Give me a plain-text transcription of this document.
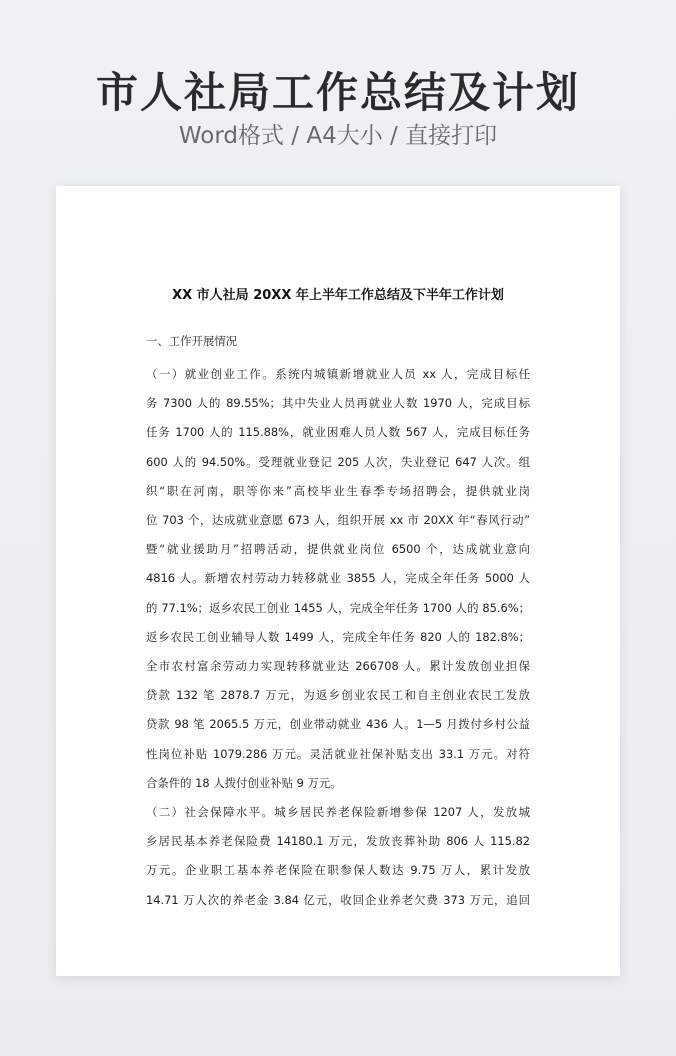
市人社局工作总结及计划
Word格式 / A4大小 / 直接打印
XX 市人社局 20XX 年上半年工作总结及下半年工作计划
一、工作开展情况
（一）就业创业工作。系统内城镇新增就业人员 xx 人，完成目标任
务 7300 人的 89.55%；其中失业人员再就业人数 1970 人，完成目标
任务 1700 人的 115.88%，就业困难人员人数 567 人，完成目标任务
600 人的 94.50%。受理就业登记 205 人次，失业登记 647 人次。组
织“职在河南，职等你来”高校毕业生春季专场招聘会，提供就业岗
位 703 个，达成就业意愿 673 人，组织开展 xx 市 20XX 年“春风行动”
暨“就业援助月”招聘活动，提供就业岗位 6500 个，达成就业意向
4816 人。新增农村劳动力转移就业 3855 人，完成全年任务 5000 人
的 77.1%；返乡农民工创业 1455 人，完成全年任务 1700 人的 85.6%；
返乡农民工创业辅导人数 1499 人，完成全年任务 820 人的 182.8%；
全市农村富余劳动力实现转移就业达 266708 人。累计发放创业担保
贷款 132 笔 2878.7 万元，为返乡创业农民工和自主创业农民工发放
贷款 98 笔 2065.5 万元，创业带动就业 436 人。1—5 月拨付乡村公益
性岗位补贴 1079.286 万元。灵活就业社保补贴支出 33.1 万元。对符
合条件的 18 人拨付创业补贴 9 万元。
（二）社会保障水平。城乡居民养老保险新增参保 1207 人，发放城
乡居民基本养老保险费 14180.1 万元，发放丧葬补助 806 人 115.82
万元。企业职工基本养老保险在职参保人数达 9.75 万人，累计发放
14.71 万人次的养老金 3.84 亿元，收回企业养老欠费 373 万元，追回
